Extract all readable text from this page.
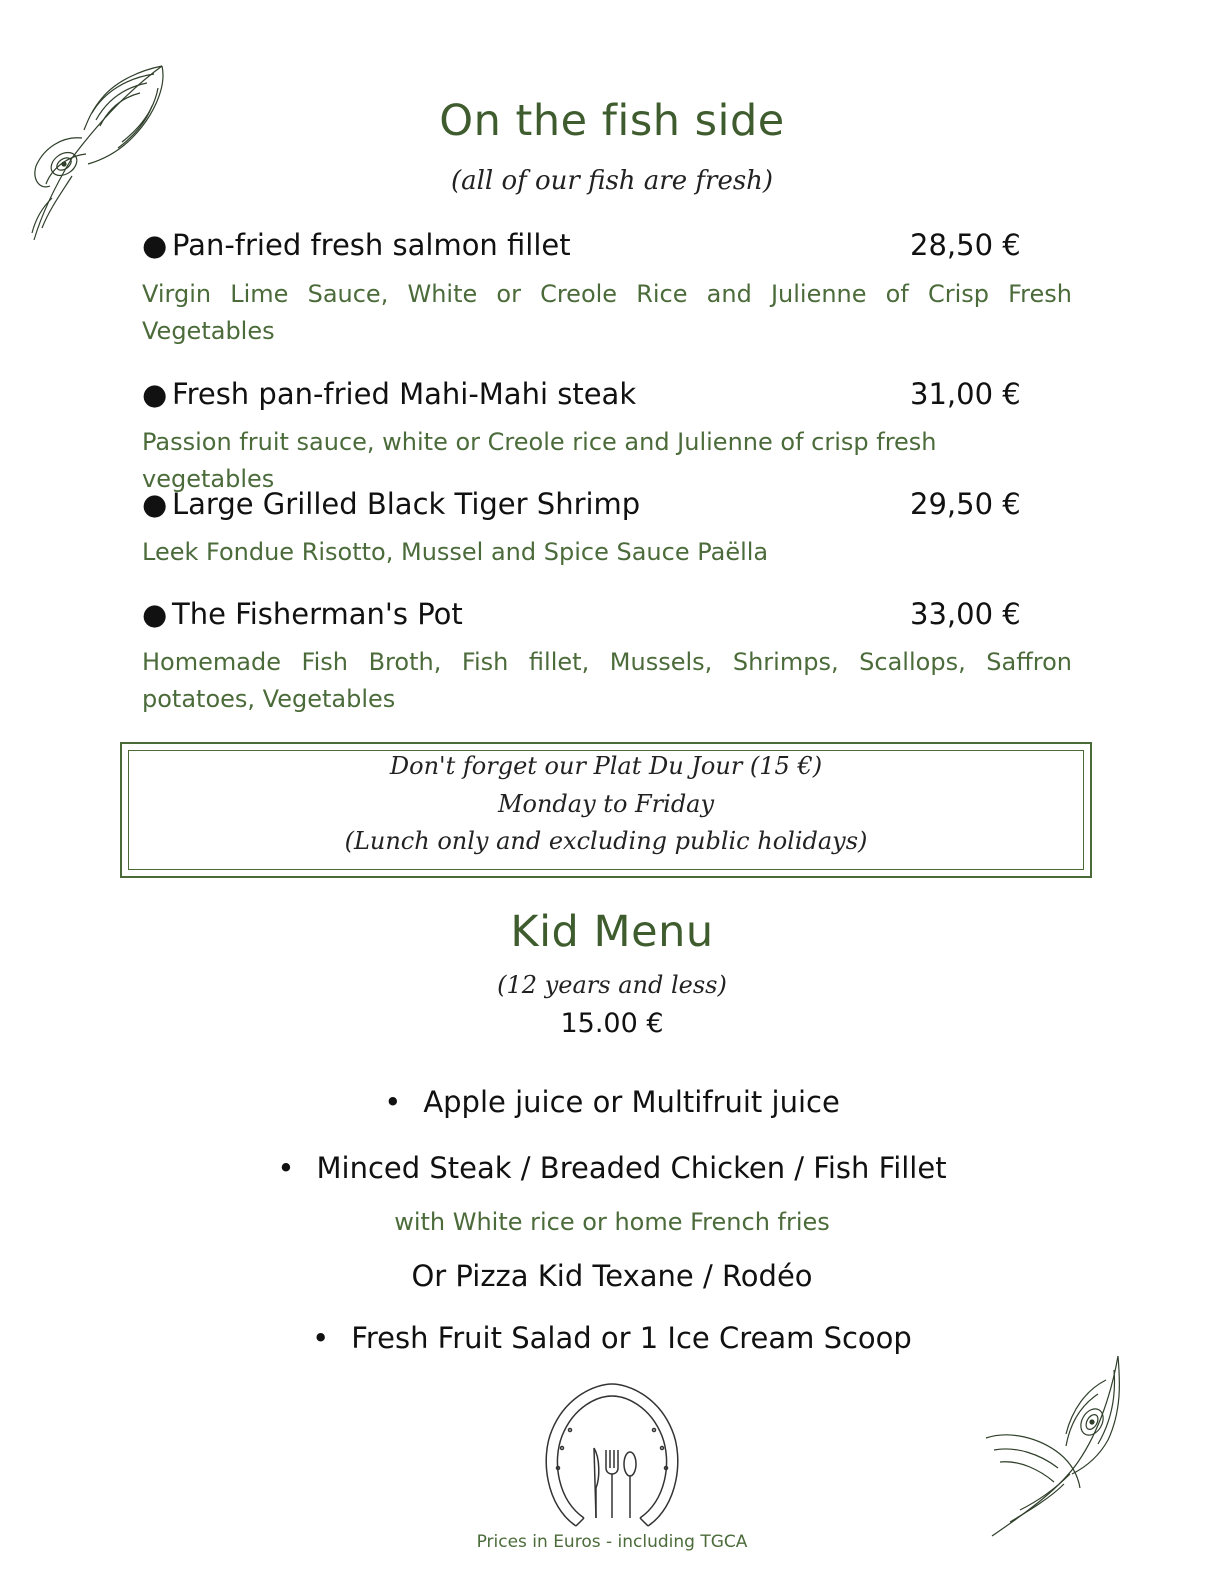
On the fish side
(all of our fish are fresh)
● Pan-fried fresh salmon fillet	28,50 €
Virgin Lime Sauce, White or Creole Rice and Julienne of Crisp Fresh Vegetables
● Fresh pan-fried Mahi-Mahi steak	31,00 €
Passion fruit sauce, white or Creole rice and Julienne of crisp fresh vegetables
● Large Grilled Black Tiger Shrimp	29,50 €
Leek Fondue Risotto, Mussel and Spice Sauce Paëlla
● The Fisherman's Pot	33,00 €
Homemade Fish Broth, Fish fillet, Mussels, Shrimps, Scallops, Saffron potatoes, Vegetables
Don't forget our Plat Du Jour (15 €)
Monday to Friday
(Lunch only and excluding public holidays)
Kid Menu
(12 years and less)
15.00 €
• Apple juice or Multifruit juice
• Minced Steak / Breaded Chicken / Fish Fillet
with White rice or home French fries
Or Pizza Kid Texane / Rodéo
• Fresh Fruit Salad or 1 Ice Cream Scoop
Prices in Euros - including TGCA
